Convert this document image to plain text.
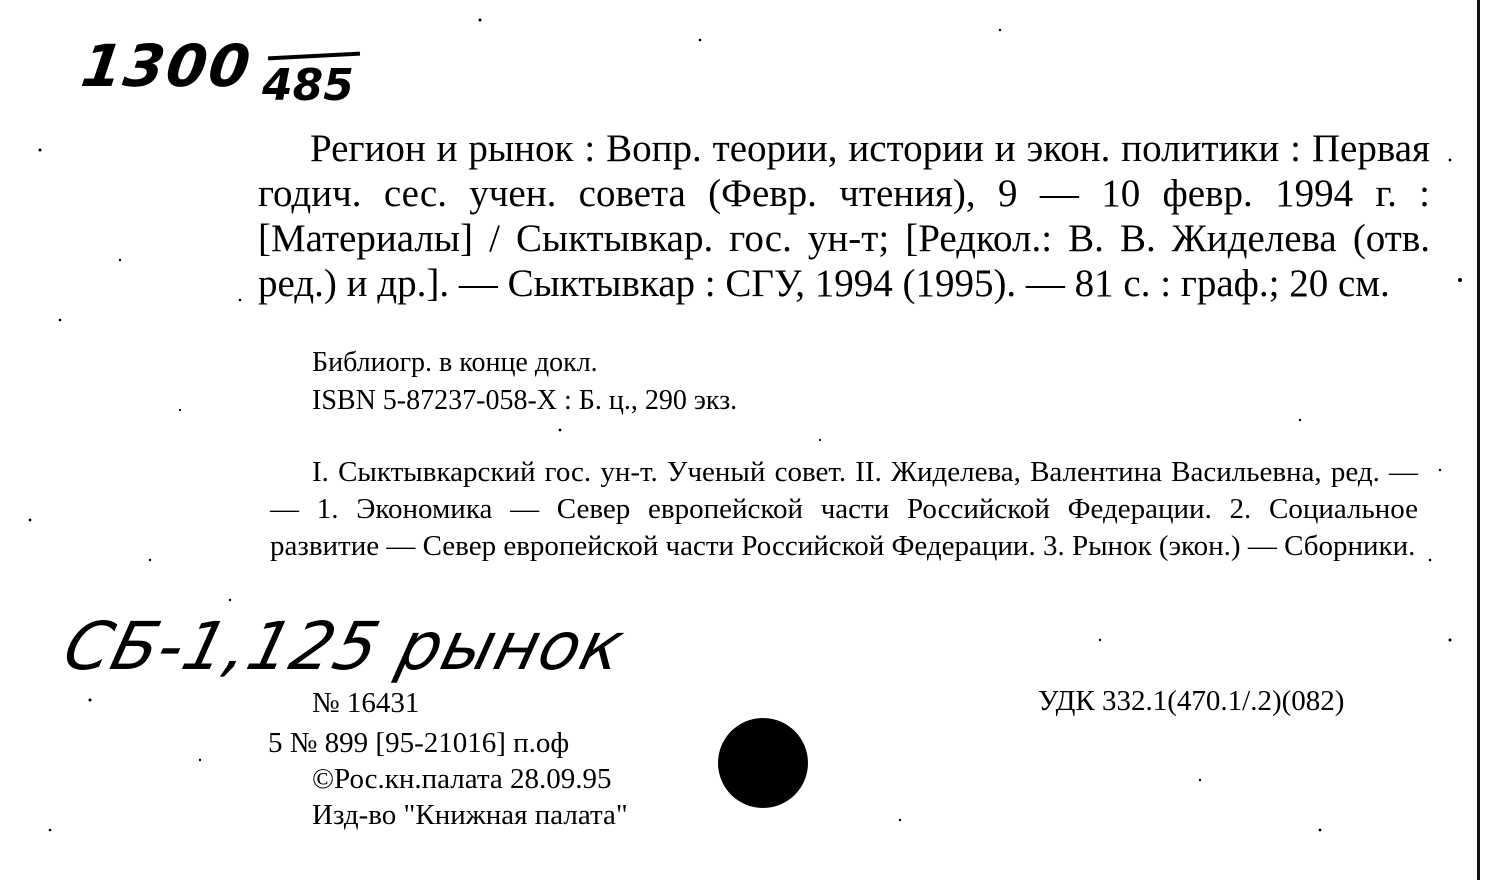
1300 485
Регион и рынок : Вопр. теории, истории и экон. политики : Первая годич. сес. учен. совета (Февр. чтения), 9 — 10 февр. 1994 г. : [Материалы] / Сыктывкар. гос. ун-т; [Редкол.: В. В. Жиделева (отв. ред.) и др.]. — Сыктывкар : СГУ, 1994 (1995). — 81 с. : граф.; 20 см.
Библиогр. в конце докл.
ISBN 5-87237-058-X : Б. ц., 290 экз.
I. Сыктывкарский гос. ун-т. Ученый совет. II. Жиделева, Валентина Васильевна, ред. — — 1. Экономика — Север европейской части Российской Федерации. 2. Социальное развитие — Север европейской части Российской Федерации. 3. Рынок (экон.) — Сборники.
СБ-1,125 рынок
№ 16431
5 № 899 [95-21016] п.оф
©Рос.кн.палата 28.09.95
Изд-во "Книжная палата"
УДК 332.1(470.1/.2)(082)
